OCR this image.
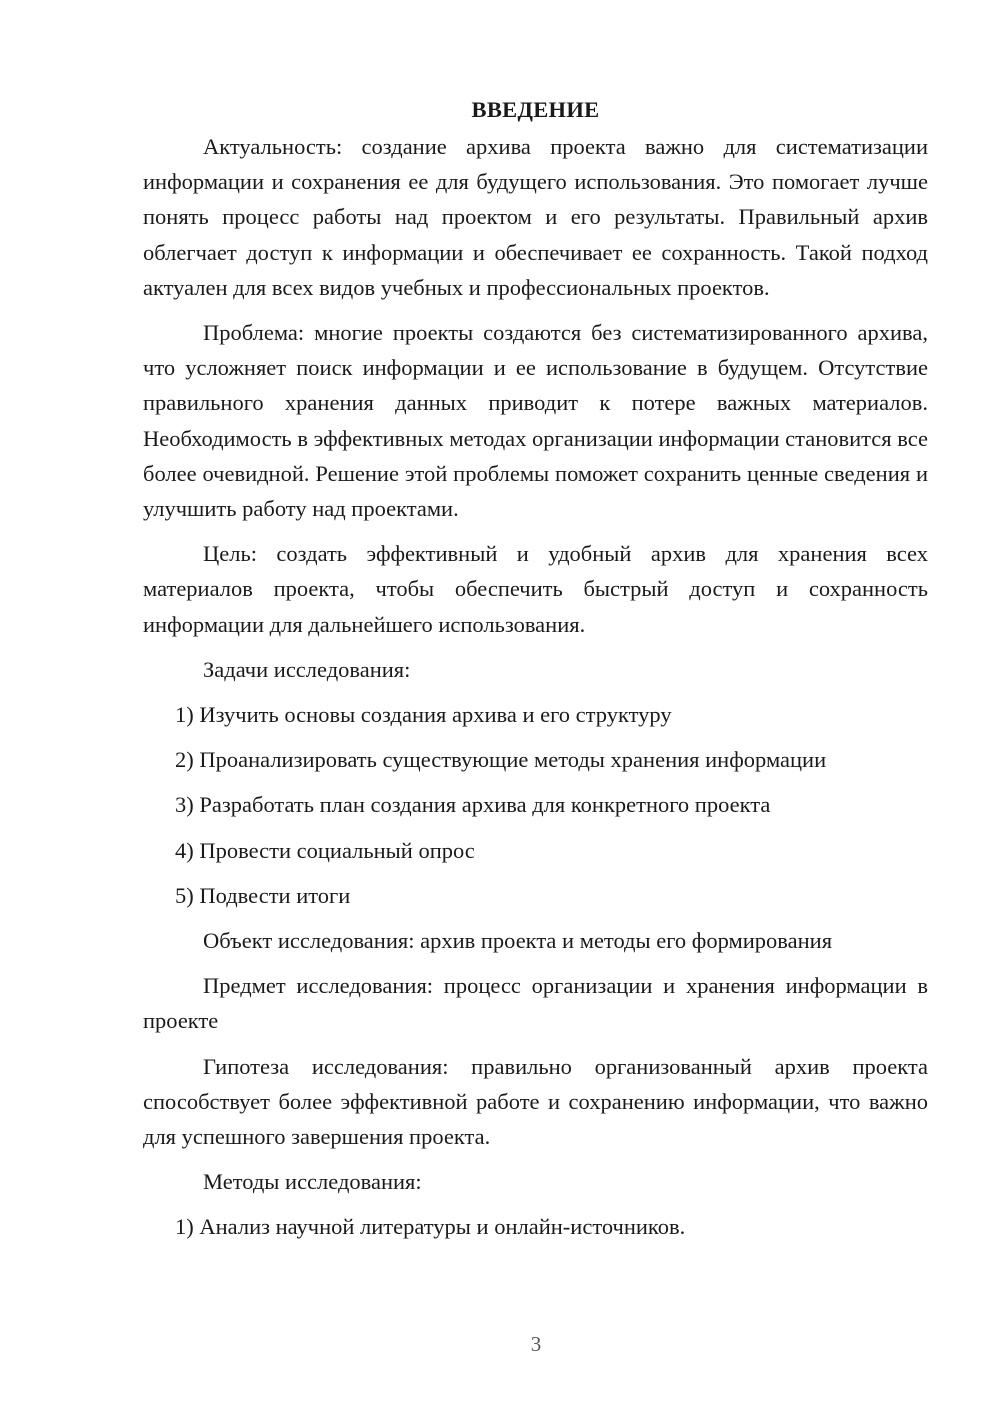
ВВЕДЕНИЕ
Актуальность: создание архива проекта важно для систематизации информации и сохранения ее для будущего использования. Это помогает лучше понять процесс работы над проектом и его результаты. Правильный архив облегчает доступ к информации и обеспечивает ее сохранность. Такой подход актуален для всех видов учебных и профессиональных проектов.
Проблема: многие проекты создаются без систематизированного архива, что усложняет поиск информации и ее использование в будущем. Отсутствие правильного хранения данных приводит к потере важных материалов. Необходимость в эффективных методах организации информации становится все более очевидной. Решение этой проблемы поможет сохранить ценные сведения и улучшить работу над проектами.
Цель: создать эффективный и удобный архив для хранения всех материалов проекта, чтобы обеспечить быстрый доступ и сохранность информации для дальнейшего использования.
Задачи исследования:
1) Изучить основы создания архива и его структуру
2) Проанализировать существующие методы хранения информации
3) Разработать план создания архива для конкретного проекта
4) Провести социальный опрос
5) Подвести итоги
Объект исследования: архив проекта и методы его формирования
Предмет исследования: процесс организации и хранения информации в проекте
Гипотеза исследования: правильно организованный архив проекта способствует более эффективной работе и сохранению информации, что важно для успешного завершения проекта.
Методы исследования:
1) Анализ научной литературы и онлайн-источников.
3
